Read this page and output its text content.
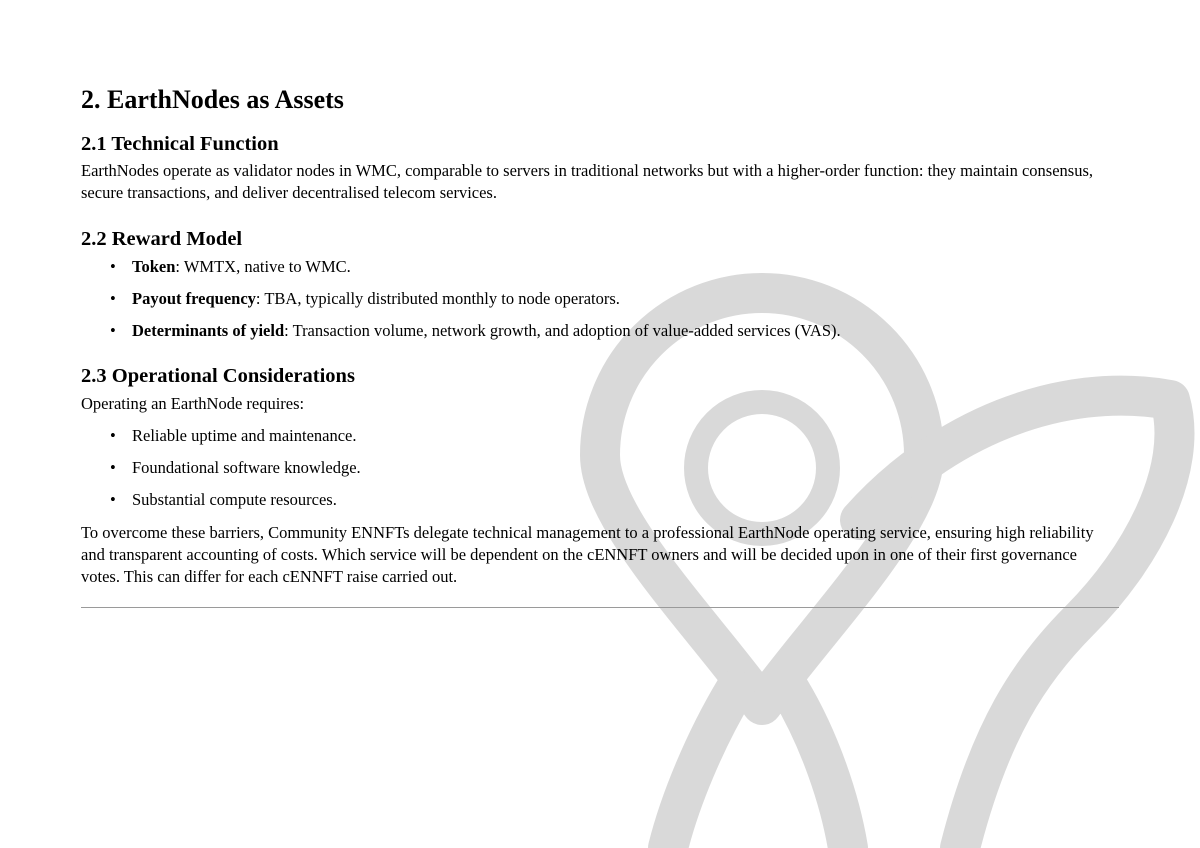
2. EarthNodes as Assets
2.1 Technical Function

EarthNodes operate as validator nodes in WMC, comparable to servers in traditional networks but with a higher-order function: they maintain consensus, secure transactions, and deliver decentralised telecom services.

2.2 Reward Model
• Token: WMTX, native to WMC.
• Payout frequency: TBA, typically distributed monthly to node operators.
• Determinants of yield: Transaction volume, network growth, and adoption of value-added services (VAS).
2.3 Operational Considerations

Operating an EarthNode requires:

• Reliable uptime and maintenance.
• Foundational software knowledge.
• Substantial compute resources.

To overcome these barriers, Community ENNFTs delegate technical management to a professional EarthNode operating service, ensuring high reliability and transparent accounting of costs. Which service will be dependent on the cENNFT owners and will be decided upon in one of their first governance votes. This can differ for each cENNFT raise carried out.
